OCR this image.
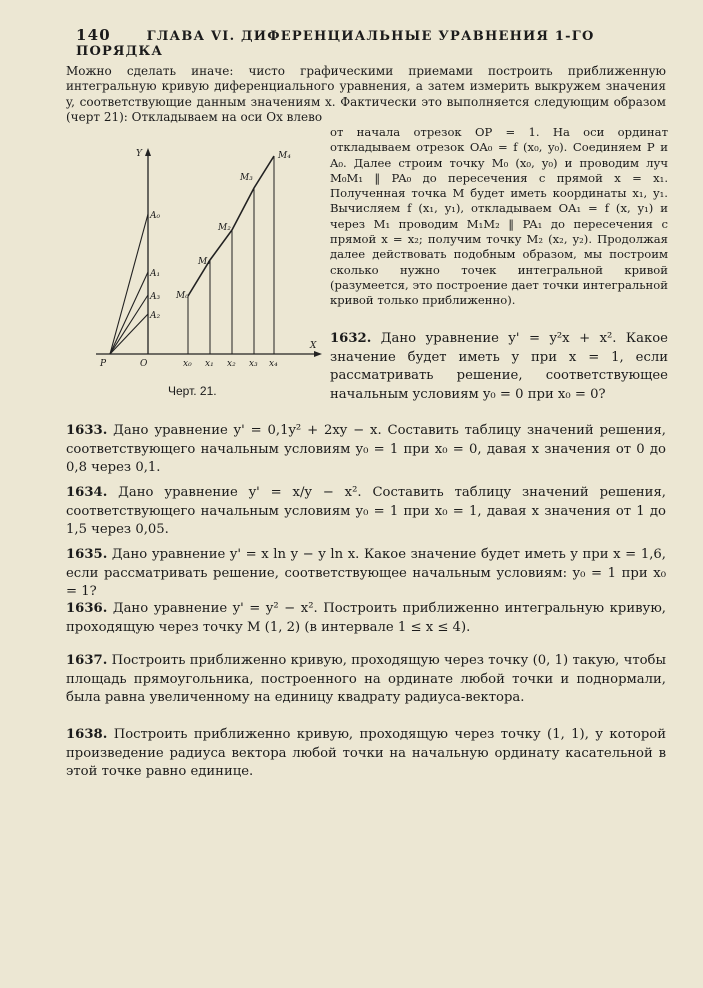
140	ГЛАВА VI. ДИФЕРЕНЦИАЛЬНЫЕ УРАВНЕНИЯ 1-ГО ПОРЯДКА
Можно сделать иначе: чисто графическими приемами построить приближенную интегральную кривую диференциального уравнения, а затем измерить выкружем значения y, соответствующие данным значениям x. Фактически это выполняется следующим образом (черт 21): Откладываем на оси Ox влево
от начала отрезок OP = 1. На оси ординат откладываем отрезок OA₀ = f (x₀, y₀). Соединяем P и A₀. Далее строим точку M₀ (x₀, y₀) и проводим луч M₀M₁ ‖ PA₀ до пересечения с прямой x = x₁. Полученная точка M будет иметь координаты x₁, y₁. Вычисляем f (x₁, y₁), откладываем OA₁ = f (x, y₁) и через M₁ проводим M₁M₂ ‖ PA₁ до пересечения с прямой x = x₂; получим точку M₂ (x₂, y₂). Продолжая далее действовать подобным образом, мы построим сколько нужно точек интегральной кривой (разумеется, это построение дает точки интегральной кривой только приближенно).
Y
P	O
X
A₀
A₁
A₃
A₂
M₀
M₁
M₂
M₃
M₄
x₀ x₁ x₂ x₃ x₄
Черт. 21.
1632. Дано уравнение y' = y²x + x². Какое значение будет иметь y при x = 1, если рассматривать решение, соответствующее начальным условиям y₀ = 0 при x₀ = 0?
1633. Дано уравнение y' = 0,1y² + 2xy − x. Составить таблицу значений решения, соответствующего начальным условиям y₀ = 1 при x₀ = 0, давая x значения от 0 до 0,8 через 0,1.
1634. Дано уравнение y' = x/y − x². Составить таблицу значений решения, соответствующего начальным условиям y₀ = 1 при x₀ = 1, давая x значения от 1 до 1,5 через 0,05.
1635. Дано уравнение y' = x ln y − y ln x. Какое значение будет иметь y при x = 1,6, если рассматривать решение, соответствующее начальным условиям: y₀ = 1 при x₀ = 1?
1636. Дано уравнение y' = y² − x². Построить приближенно интегральную кривую, проходящую через точку M (1, 2) (в интервале 1 ≤ x ≤ 4).
1637. Построить приближенно кривую, проходящую через точку (0, 1) такую, чтобы площадь прямоугольника, построенного на ординате любой точки и поднормали, была равна увеличенному на единицу квадрату радиуса-вектора.
1638. Построить приближенно кривую, проходящую через точку (1, 1), у которой произведение радиуса вектора любой точки на начальную ординату касательной в этой точке равно единице.
